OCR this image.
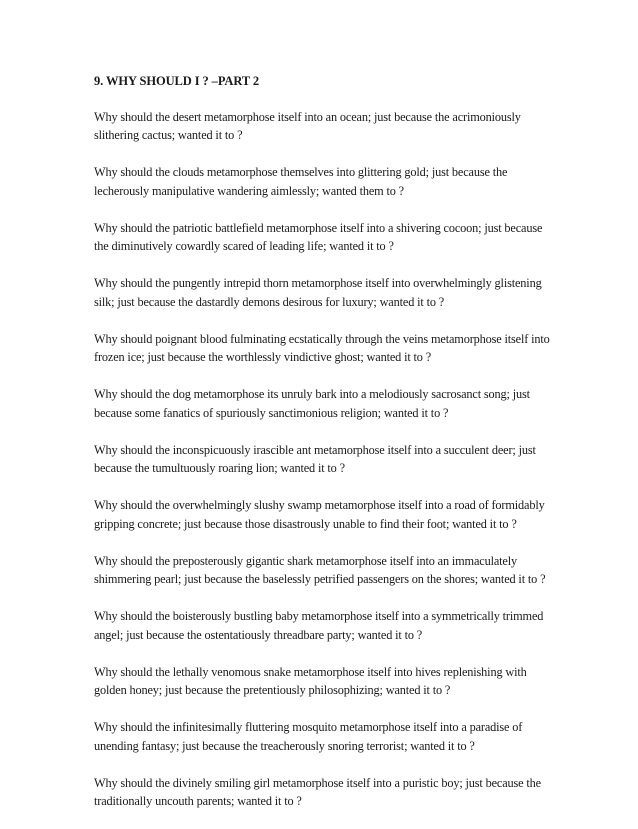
9. WHY SHOULD I ? –PART 2
Why should the desert metamorphose itself into an ocean; just because the acrimoniously slithering cactus; wanted it to ?
Why should the clouds metamorphose themselves into glittering gold; just because the lecherously manipulative wandering aimlessly; wanted them to ?
Why should the patriotic battlefield metamorphose itself into a shivering cocoon; just because the diminutively cowardly scared of leading life; wanted it to ?
Why should the pungently intrepid thorn metamorphose itself into overwhelmingly glistening silk; just because the dastardly demons desirous for luxury; wanted it to ?
Why should poignant blood fulminating ecstatically through the veins metamorphose itself into frozen ice; just because the worthlessly vindictive ghost; wanted it to ?
Why should the dog metamorphose its unruly bark into a melodiously sacrosanct song; just because some fanatics of spuriously sanctimonious religion; wanted it to ?
Why should the inconspicuously irascible ant metamorphose itself into a succulent deer; just because the tumultuously roaring lion; wanted it to ?
Why should the overwhelmingly slushy swamp metamorphose itself into a road of formidably gripping concrete; just because those disastrously unable to find their foot; wanted it to ?
Why should the preposterously gigantic shark metamorphose itself into an immaculately shimmering pearl; just because the baselessly petrified passengers on the shores; wanted it to ?
Why should the boisterously bustling baby metamorphose itself into a symmetrically trimmed angel; just because the ostentatiously threadbare party; wanted it to ?
Why should the lethally venomous snake metamorphose itself into hives replenishing with golden honey; just because the pretentiously philosophizing; wanted it to ?
Why should the infinitesimally fluttering mosquito metamorphose itself into a paradise of unending fantasy; just because the treacherously snoring terrorist; wanted it to ?
Why should the divinely smiling girl metamorphose itself into a puristic boy; just because the traditionally uncouth parents; wanted it to ?
